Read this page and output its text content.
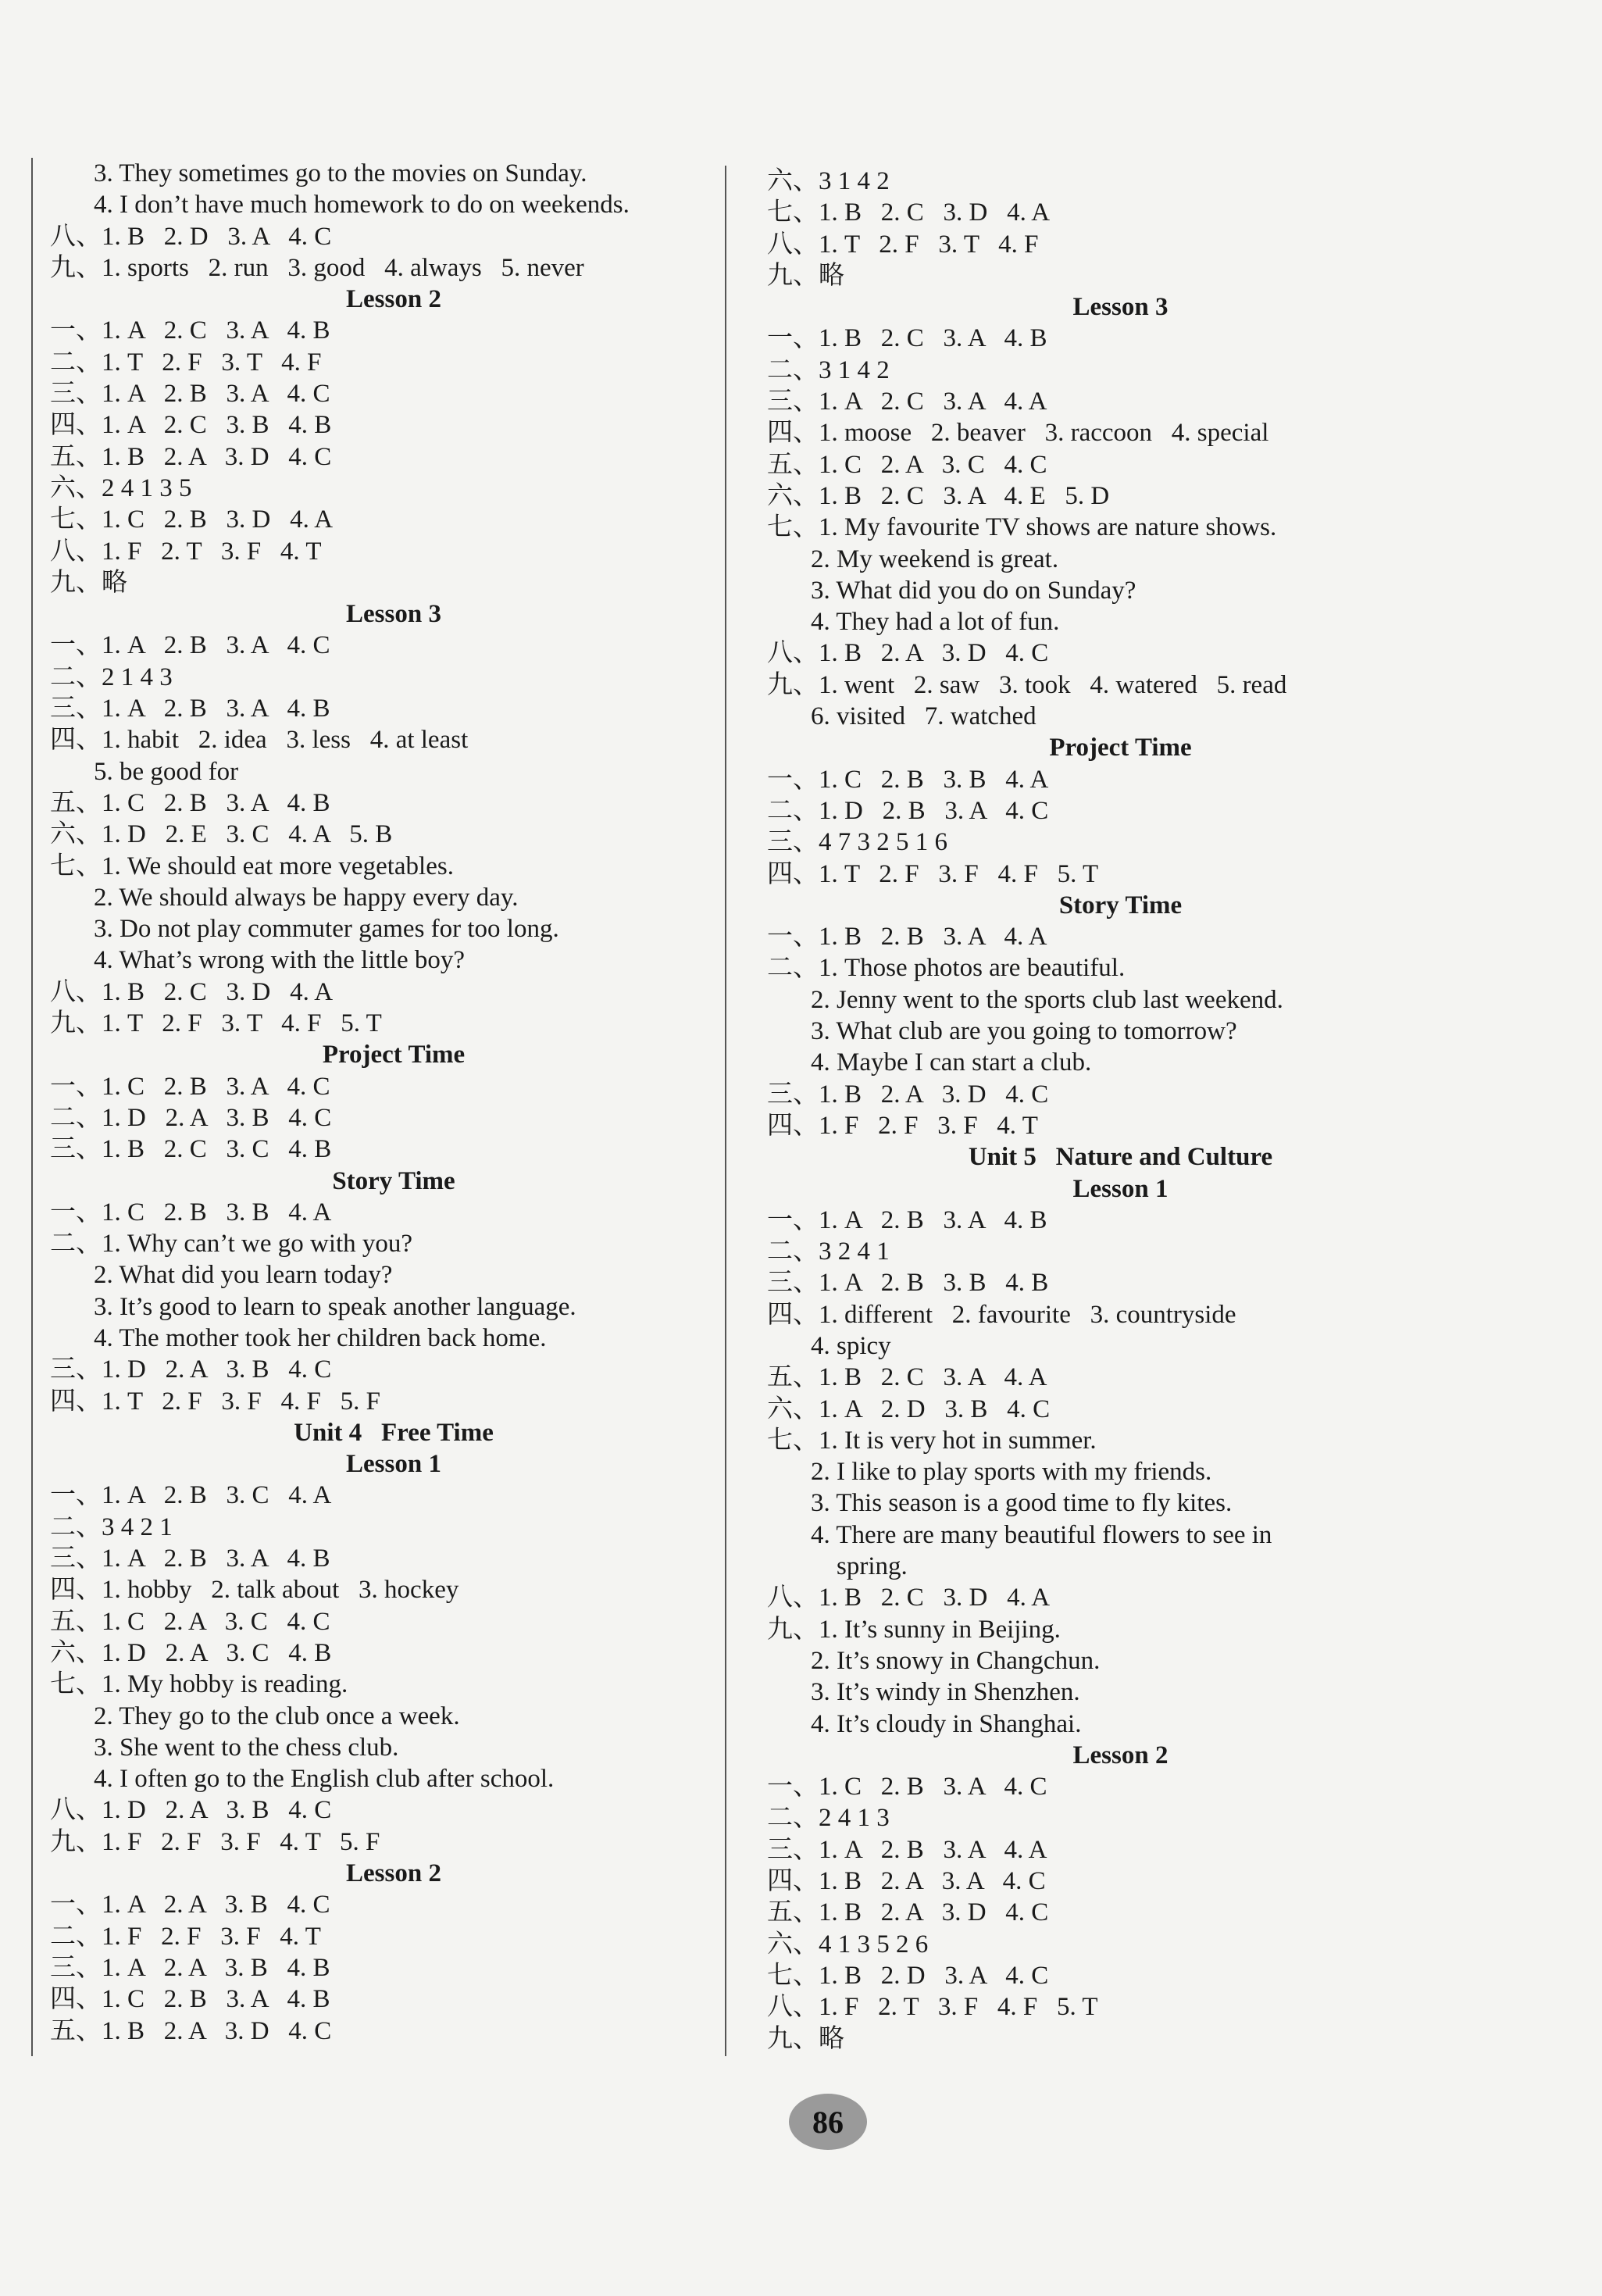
3. They sometimes go to the movies on Sunday.
4. I don’t have much homework to do on weekends.
八、1. B   2. D   3. A   4. C
九、1. sports   2. run   3. good   4. always   5. never
Lesson 2
一、1. A   2. C   3. A   4. B
二、1. T   2. F   3. T   4. F
三、1. A   2. B   3. A   4. C
四、1. A   2. C   3. B   4. B
五、1. B   2. A   3. D   4. C
六、2 4 1 3 5
七、1. C   2. B   3. D   4. A
八、1. F   2. T   3. F   4. T
九、略
Lesson 3
一、1. A   2. B   3. A   4. C
二、2 1 4 3
三、1. A   2. B   3. A   4. B
四、1. habit   2. idea   3. less   4. at least
5. be good for
五、1. C   2. B   3. A   4. B
六、1. D   2. E   3. C   4. A   5. B
七、1. We should eat more vegetables.
2. We should always be happy every day.
3. Do not play commuter games for too long.
4. What’s wrong with the little boy?
八、1. B   2. C   3. D   4. A
九、1. T   2. F   3. T   4. F   5. T
Project Time
一、1. C   2. B   3. A   4. C
二、1. D   2. A   3. B   4. C
三、1. B   2. C   3. C   4. B
Story Time
一、1. C   2. B   3. B   4. A
二、1. Why can’t we go with you?
2. What did you learn today?
3. It’s good to learn to speak another language.
4. The mother took her children back home.
三、1. D   2. A   3. B   4. C
四、1. T   2. F   3. F   4. F   5. F
Unit 4   Free Time
Lesson 1
一、1. A   2. B   3. C   4. A
二、3 4 2 1
三、1. A   2. B   3. A   4. B
四、1. hobby   2. talk about   3. hockey
五、1. C   2. A   3. C   4. C
六、1. D   2. A   3. C   4. B
七、1. My hobby is reading.
2. They go to the club once a week.
3. She went to the chess club.
4. I often go to the English club after school.
八、1. D   2. A   3. B   4. C
九、1. F   2. F   3. F   4. T   5. F
Lesson 2
一、1. A   2. A   3. B   4. C
二、1. F   2. F   3. F   4. T
三、1. A   2. A   3. B   4. B
四、1. C   2. B   3. A   4. B
五、1. B   2. A   3. D   4. C
六、3 1 4 2
七、1. B   2. C   3. D   4. A
八、1. T   2. F   3. T   4. F
九、略
Lesson 3
一、1. B   2. C   3. A   4. B
二、3 1 4 2
三、1. A   2. C   3. A   4. A
四、1. moose   2. beaver   3. raccoon   4. special
五、1. C   2. A   3. C   4. C
六、1. B   2. C   3. A   4. E   5. D
七、1. My favourite TV shows are nature shows.
2. My weekend is great.
3. What did you do on Sunday?
4. They had a lot of fun.
八、1. B   2. A   3. D   4. C
九、1. went   2. saw   3. took   4. watered   5. read
6. visited   7. watched
Project Time
一、1. C   2. B   3. B   4. A
二、1. D   2. B   3. A   4. C
三、4 7 3 2 5 1 6
四、1. T   2. F   3. F   4. F   5. T
Story Time
一、1. B   2. B   3. A   4. A
二、1. Those photos are beautiful.
2. Jenny went to the sports club last weekend.
3. What club are you going to tomorrow?
4. Maybe I can start a club.
三、1. B   2. A   3. D   4. C
四、1. F   2. F   3. F   4. T
Unit 5   Nature and Culture
Lesson 1
一、1. A   2. B   3. A   4. B
二、3 2 4 1
三、1. A   2. B   3. B   4. B
四、1. different   2. favourite   3. countryside
4. spicy
五、1. B   2. C   3. A   4. A
六、1. A   2. D   3. B   4. C
七、1. It is very hot in summer.
2. I like to play sports with my friends.
3. This season is a good time to fly kites.
4. There are many beautiful flowers to see in
spring.
八、1. B   2. C   3. D   4. A
九、1. It’s sunny in Beijing.
2. It’s snowy in Changchun.
3. It’s windy in Shenzhen.
4. It’s cloudy in Shanghai.
Lesson 2
一、1. C   2. B   3. A   4. C
二、2 4 1 3
三、1. A   2. B   3. A   4. A
四、1. B   2. A   3. A   4. C
五、1. B   2. A   3. D   4. C
六、4 1 3 5 2 6
七、1. B   2. D   3. A   4. C
八、1. F   2. T   3. F   4. F   5. T
九、略
86
